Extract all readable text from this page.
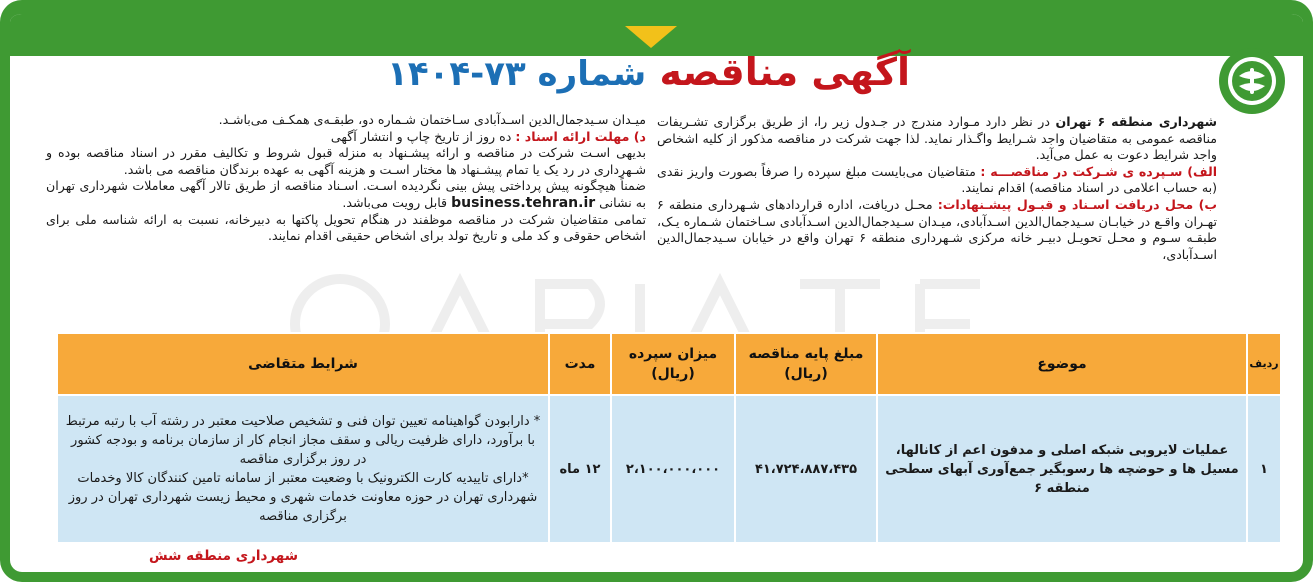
آگهی مناقصه شماره ۷۳-۱۴۰۴

شهرداری منطقه ۶ تهران در نظر دارد مـوارد مندرج در جـدول زیر را، از طریق برگزاری تشـریفات مناقصه عمومی به متقاضیان واجد شـرایط واگـذار نماید. لذا جهت شرکت در مناقصه مذکور از کلیه اشخاص واجد شرایط دعوت به عمل می‌آید.

الف) سـپرده ی شـرکت در مناقصـــه : متقاضیان می‌بایست مبلغ سپرده را صرفاً بصورت واریز نقدی (به حساب اعلامی در اسناد مناقصه) اقدام نمایند.

ب) محل دریافت اسـناد و قبـول پیشـنهادات: محـل دریافت، اداره قراردادهای شـهرداری منطقه ۶ تهـران واقـع در خیابـان سـیدجمال‌الدین اسـدآبادی، میـدان سـیدجمال‌الدین اسـدآبادی سـاختمان شـماره یـک، طبقـه سـوم و محـل تحویـل دبیـر خانه مرکزی شـهرداری منطقه ۶ تهران واقع در خیابان سـیدجمال‌الدین اسـدآبادی،

میـدان سـیدجمال‌الدین اسـدآبادی سـاختمان شـماره دو، طبقـه‌ی همکـف می‌باشـد.

د) مهلت ارائه اسناد : ده روز از تاریخ چاپ و انتشار آگهی

بدیهی اسـت شرکت در مناقصه و ارائه پیشـنهاد به منزله قبول شروط و تکالیف مقرر در اسناد مناقصه بوده و شـهرداری در رد یک یا تمام پیشـنهاد ها مختار اسـت و هزینه آگهی به عهده برندگان مناقصه می باشد.

ضمناً هیچگونه پیش پرداختی پیش بینی نگردیده اسـت. اسـناد مناقصه از طریق تالار آگهی معاملات شهرداری تهران به نشانی business.tehran.ir قابل رویت می‌باشد.

تمامی متقاضیان شرکت در مناقصه موظفند در هنگام تحویل پاکتها به دبیرخانه، نسبت به ارائه شناسه ملی برای اشخاص حقوقی و کد ملی و تاریخ تولد برای اشخاص حقیقی اقدام نمایند.

ردیف	موضوع	مبلغ پایه مناقصه (ریال)	میزان سپرده (ریال)	مدت	شرایط متقاضی
۱	عملیات لایروبی شبکه اصلی و مدفون اعم از کانالها، مسیل ها و حوضچه ها رسوبگیر جمع‌آوری آبهای سطحی منطقه ۶	۴۱،۷۲۴،۸۸۷،۴۳۵	۲،۱۰۰،۰۰۰،۰۰۰	۱۲ ماه	* دارابودن گواهینامه تعیین توان فنی و تشخیص صلاحیت معتبر در رشته آب با رتبه مرتبط با برآورد، دارای ظرفیت ریالی و سقف مجاز انجام کار از سازمان برنامه و بودجه کشور در روز برگزاری مناقصه
*دارای تاییدیه کارت الکترونیک با وضعیت معتبر از سامانه تامین کنندگان کالا وخدمات شهرداری تهران در حوزه معاونت خدمات شهری و محیط زیست شهرداری تهران در روز برگزاری مناقصه
شهرداری منطقه شش
